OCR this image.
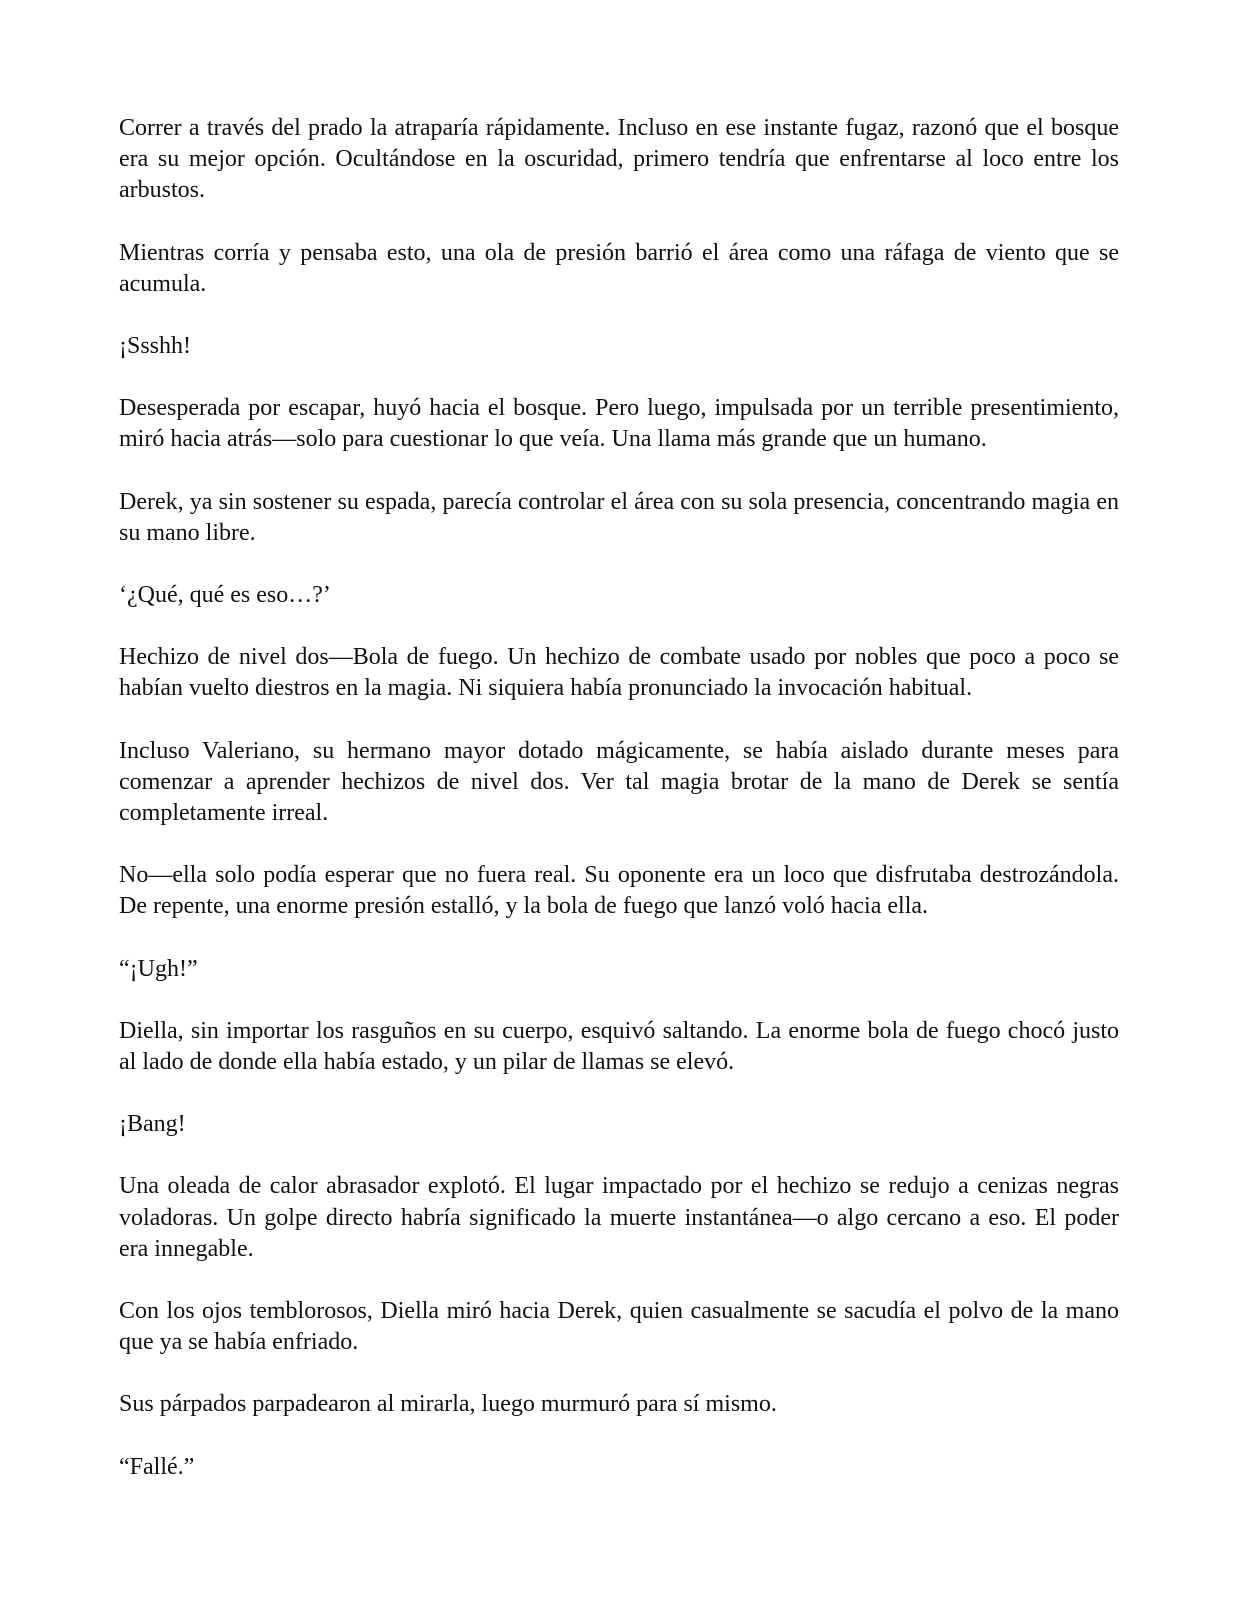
Correr a través del prado la atraparía rápidamente. Incluso en ese instante fugaz, razonó que el bosque era su mejor opción. Ocultándose en la oscuridad, primero tendría que enfrentarse al loco entre los arbustos.

Mientras corría y pensaba esto, una ola de presión barrió el área como una ráfaga de viento que se acumula.

¡Ssshh!

Desesperada por escapar, huyó hacia el bosque. Pero luego, impulsada por un terrible presentimiento, miró hacia atrás—solo para cuestionar lo que veía. Una llama más grande que un humano.

Derek, ya sin sostener su espada, parecía controlar el área con su sola presencia, concentrando magia en su mano libre.

‘¿Qué, qué es eso…?’

Hechizo de nivel dos—Bola de fuego. Un hechizo de combate usado por nobles que poco a poco se habían vuelto diestros en la magia. Ni siquiera había pronunciado la invocación habitual.

Incluso Valeriano, su hermano mayor dotado mágicamente, se había aislado durante meses para comenzar a aprender hechizos de nivel dos. Ver tal magia brotar de la mano de Derek se sentía completamente irreal.

No—ella solo podía esperar que no fuera real. Su oponente era un loco que disfrutaba destrozándola. De repente, una enorme presión estalló, y la bola de fuego que lanzó voló hacia ella.

“¡Ugh!”

Diella, sin importar los rasguños en su cuerpo, esquivó saltando. La enorme bola de fuego chocó justo al lado de donde ella había estado, y un pilar de llamas se elevó.

¡Bang!

Una oleada de calor abrasador explotó. El lugar impactado por el hechizo se redujo a cenizas negras voladoras. Un golpe directo habría significado la muerte instantánea—o algo cercano a eso. El poder era innegable.

Con los ojos temblorosos, Diella miró hacia Derek, quien casualmente se sacudía el polvo de la mano que ya se había enfriado.

Sus párpados parpadearon al mirarla, luego murmuró para sí mismo.

“Fallé.”
